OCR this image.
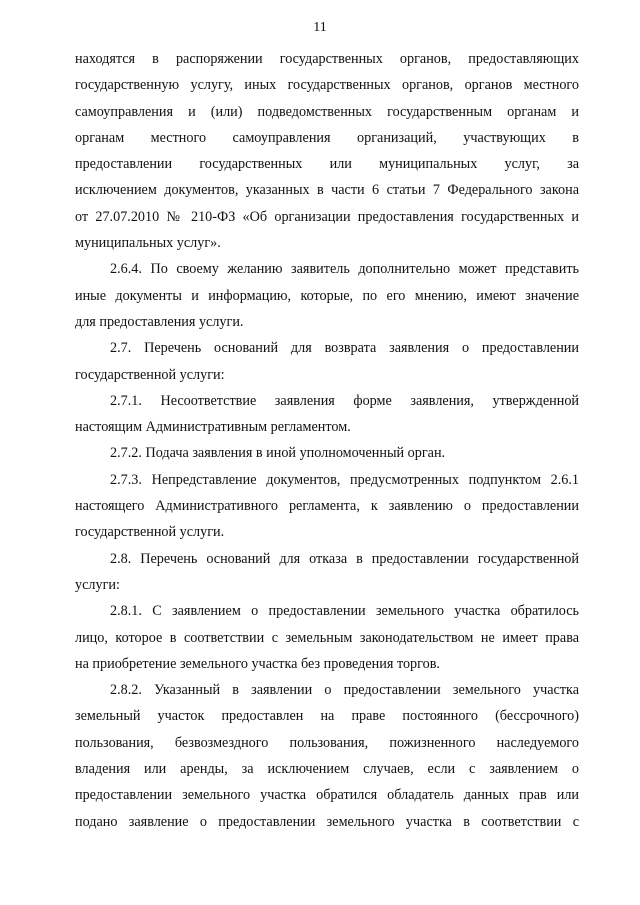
11
находятся в распоряжении государственных органов, предоставляющих
государственную услугу, иных государственных органов, органов местного
самоуправления и (или) подведомственных государственным органам и
органам местного самоуправления организаций, участвующих в
предоставлении государственных или муниципальных услуг, за
исключением документов, указанных в части 6 статьи 7 Федерального закона
от 27.07.2010 № 210-ФЗ «Об организации предоставления государственных и
муниципальных услуг».
2.6.4. По своему желанию заявитель дополнительно может представить
иные документы и информацию, которые, по его мнению, имеют значение
для предоставления услуги.
2.7. Перечень оснований для возврата заявления о предоставлении
государственной услуги:
2.7.1. Несоответствие заявления форме заявления, утвержденной
настоящим Административным регламентом.
2.7.2. Подача заявления в иной уполномоченный орган.
2.7.3. Непредставление документов, предусмотренных подпунктом 2.6.1
настоящего Административного регламента, к заявлению о предоставлении
государственной услуги.
2.8. Перечень оснований для отказа в предоставлении государственной
услуги:
2.8.1. С заявлением о предоставлении земельного участка обратилось
лицо, которое в соответствии с земельным законодательством не имеет права
на приобретение земельного участка без проведения торгов.
2.8.2. Указанный в заявлении о предоставлении земельного участка
земельный участок предоставлен на праве постоянного (бессрочного)
пользования, безвозмездного пользования, пожизненного наследуемого
владения или аренды, за исключением случаев, если с заявлением о
предоставлении земельного участка обратился обладатель данных прав или
подано заявление о предоставлении земельного участка в соответствии с
